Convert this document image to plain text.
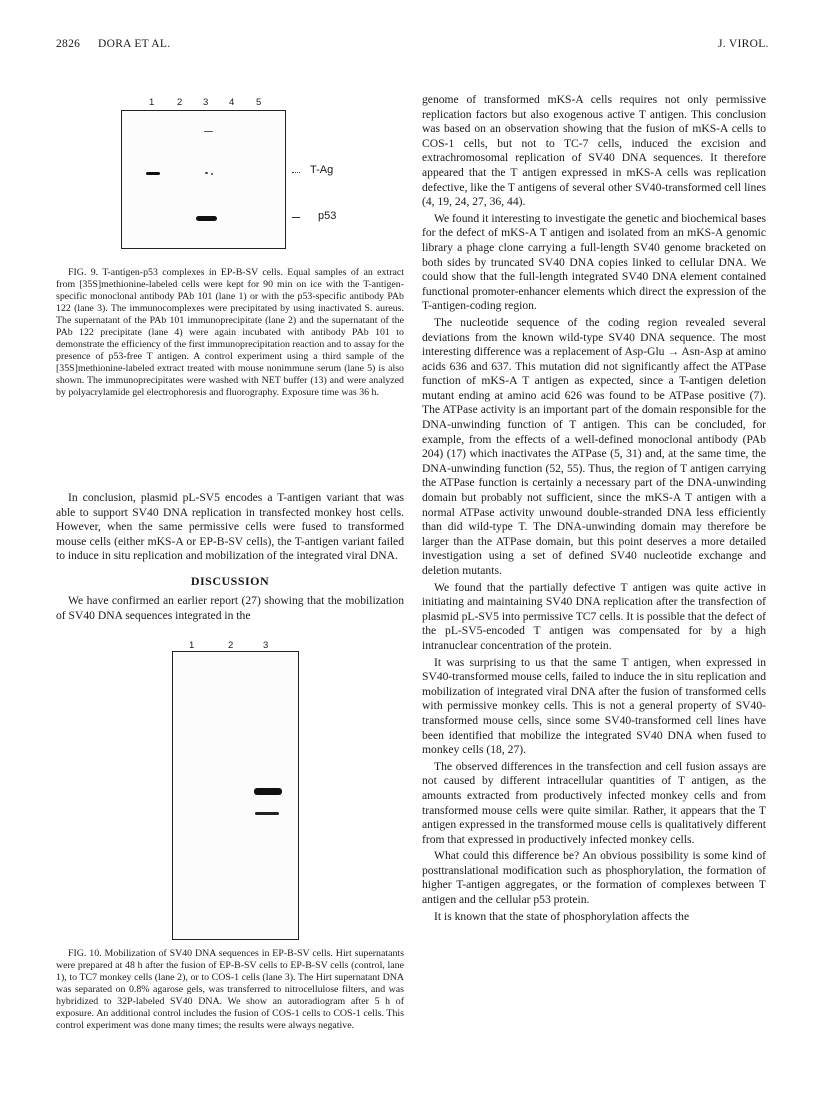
2826 DORA ET AL.	J. VIROL.
1 2 3 4 5
T-Ag
p53

FIG. 9. T-antigen-p53 complexes in EP-B-SV cells. Equal samples of an extract from [35S]methionine-labeled cells were kept for 90 min on ice with the T-antigen-specific monoclonal antibody PAb 101 (lane 1) or with the p53-specific antibody PAb 122 (lane 3). The immunocomplexes were precipitated by using inactivated S. aureus. The supernatant of the PAb 101 immunoprecipitate (lane 2) and the supernatant of the PAb 122 precipitate (lane 4) were again incubated with antibody PAb 101 to demonstrate the efficiency of the first immunoprecipitation reaction and to assay for the presence of p53-free T antigen. A control experiment using a third sample of the [35S]methionine-labeled extract treated with mouse nonimmune serum (lane 5) is also shown. The immunoprecipitates were washed with NET buffer (13) and were analyzed by polyacrylamide gel electrophoresis and fluorography. Exposure time was 36 h.

In conclusion, plasmid pL-SV5 encodes a T-antigen variant that was able to support SV40 DNA replication in transfected monkey host cells. However, when the same permissive cells were fused to transformed mouse cells (either mKS-A or EP-B-SV cells), the T-antigen variant failed to induce in situ replication and mobilization of the integrated viral DNA.

DISCUSSION

We have confirmed an earlier report (27) showing that the mobilization of SV40 DNA sequences integrated in the

1	2	3

FIG. 10. Mobilization of SV40 DNA sequences in EP-B-SV cells. Hirt supernatants were prepared at 48 h after the fusion of EP-B-SV cells to EP-B-SV cells (control, lane 1), to TC7 monkey cells (lane 2), or to COS-1 cells (lane 3). The Hirt supernatant DNA was separated on 0.8% agarose gels, was transferred to nitrocellulose filters, and was hybridized to 32P-labeled SV40 DNA. We show an autoradiogram after 5 h of exposure. An additional control includes the fusion of COS-1 cells to COS-1 cells. This control experiment was done many times; the results were always negative.

genome of transformed mKS-A cells requires not only permissive replication factors but also exogenous active T antigen. This conclusion was based on an observation showing that the fusion of mKS-A cells to COS-1 cells, but not to TC-7 cells, induced the excision and extrachromosomal replication of SV40 DNA sequences. It therefore appeared that the T antigen expressed in mKS-A cells was replication defective, like the T antigens of several other SV40-transformed cell lines (4, 19, 24, 27, 36, 44).

We found it interesting to investigate the genetic and biochemical bases for the defect of mKS-A T antigen and isolated from an mKS-A genomic library a phage clone carrying a full-length SV40 genome bracketed on both sides by truncated SV40 DNA copies linked to cellular DNA. We could show that the full-length integrated SV40 DNA element contained functional promoter-enhancer elements which direct the expression of the T-antigen-coding region.

The nucleotide sequence of the coding region revealed several deviations from the known wild-type SV40 DNA sequence. The most interesting difference was a replacement of Asp-Glu → Asn-Asp at amino acids 636 and 637. This mutation did not significantly affect the ATPase function of mKS-A T antigen as expected, since a T-antigen deletion mutant ending at amino acid 626 was found to be ATPase positive (7). The ATPase activity is an important part of the domain responsible for the DNA-unwinding function of T antigen. This can be concluded, for example, from the effects of a well-defined monoclonal antibody (PAb 204) (17) which inactivates the ATPase (5, 31) and, at the same time, the DNA-unwinding function (52, 55). Thus, the region of T antigen carrying the ATPase function is certainly a necessary part of the DNA-unwinding domain but probably not sufficient, since the mKS-A T antigen with a normal ATPase activity unwound double-stranded DNA less efficiently than did wild-type T. The DNA-unwinding domain may therefore be larger than the ATPase domain, but this point deserves a more detailed investigation using a set of defined SV40 nucleotide exchange and deletion mutants.

We found that the partially defective T antigen was quite active in initiating and maintaining SV40 DNA replication after the transfection of plasmid pL-SV5 into permissive TC7 cells. It is possible that the defect of the pL-SV5-encoded T antigen was compensated for by a high intranuclear concentration of the protein.

It was surprising to us that the same T antigen, when expressed in SV40-transformed mouse cells, failed to induce the in situ replication and mobilization of integrated viral DNA after the fusion of transformed cells with permissive monkey cells. This is not a general property of SV40-transformed mouse cells, since some SV40-transformed cell lines have been identified that mobilize the integrated SV40 DNA when fused to monkey cells (18, 27).

The observed differences in the transfection and cell fusion assays are not caused by different intracellular quantities of T antigen, as the amounts extracted from productively infected monkey cells and from transformed mouse cells were quite similar. Rather, it appears that the T antigen expressed in the transformed mouse cells is qualitatively different from that expressed in productively infected monkey cells.

What could this difference be? An obvious possibility is some kind of posttranslational modification such as phosphorylation, the formation of higher T-antigen aggregates, or the formation of complexes between T antigen and the cellular p53 protein.

It is known that the state of phosphorylation affects the
